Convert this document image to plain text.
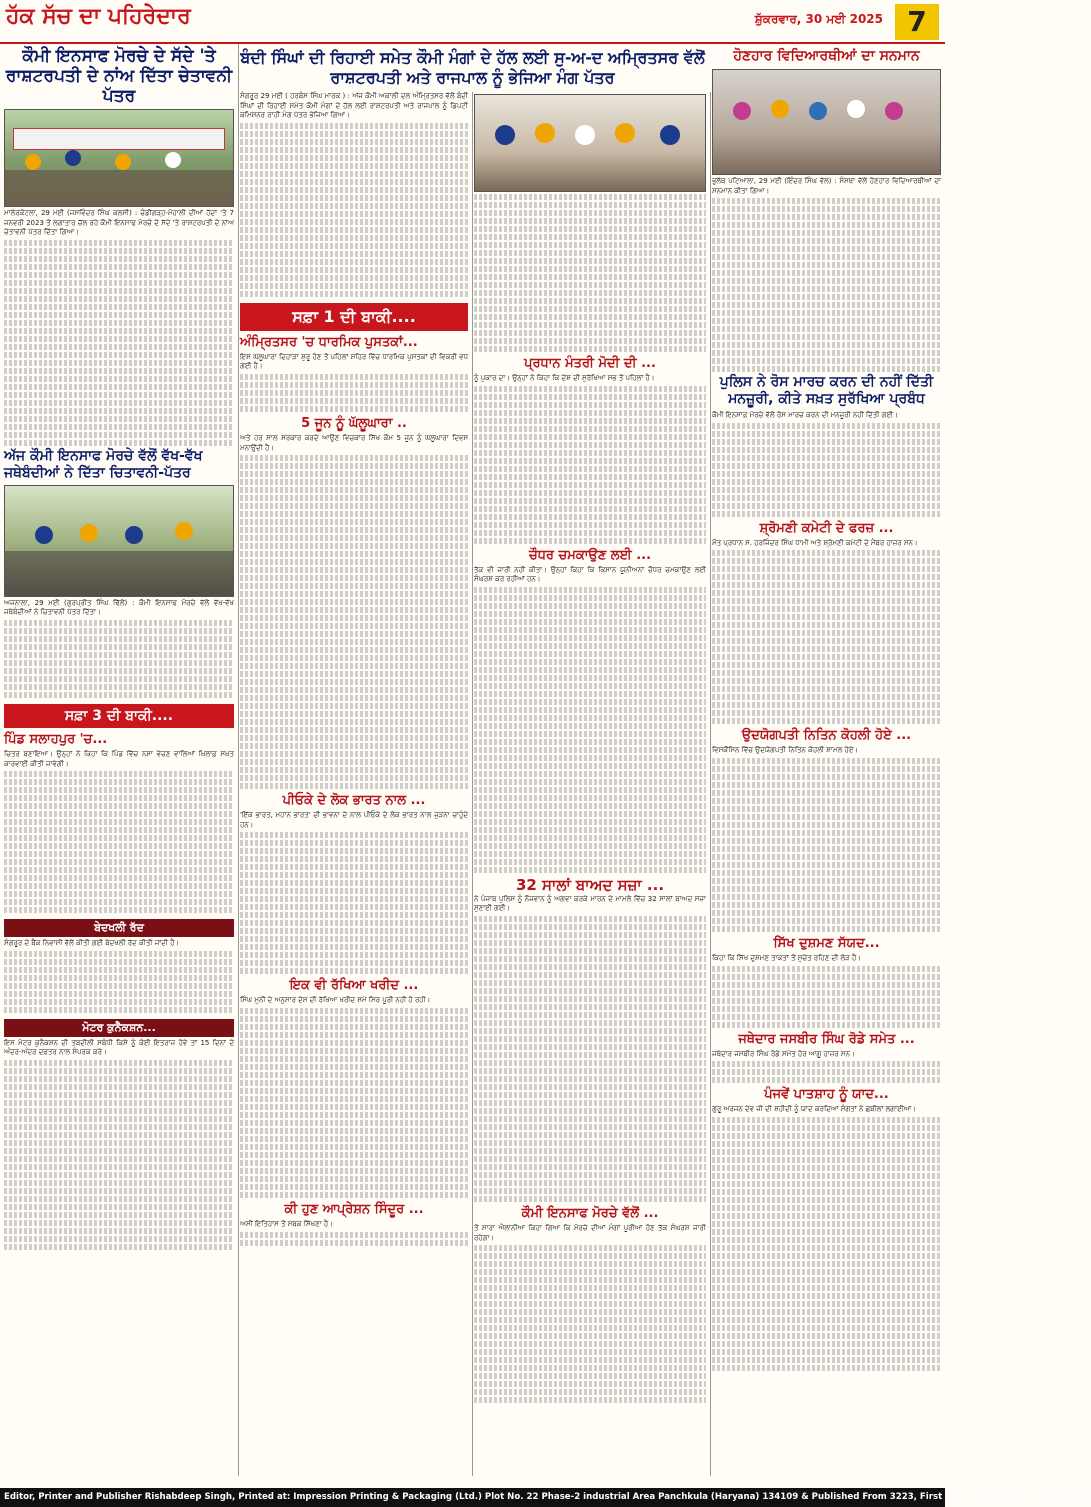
ਹੱਕ ਸੱਚ ਦਾ ਪਹਿਰੇਦਾਰ	ਸ਼ੁੱਕਰਵਾਰ, 30 ਮਈ 2025 7
ਕੌਮੀ ਇਨਸਾਫ ਮੋਰਚੇ ਦੇ ਸੱਦੇ 'ਤੇ ਰਾਸ਼ਟਰਪਤੀ ਦੇ ਨਾਂਅ ਦਿੱਤਾ ਚੇਤਾਵਨੀ ਪੱਤਰ

ਮਾਲੇਰਕੋਟਲਾ, 29 ਮਈ (ਜਸਵਿੰਦਰ ਸਿੰਘ ਕਲਸੀ) : ਚੰਡੀਗੜ੍ਹ-ਮੋਹਾਲੀ ਦੀਆਂ ਹੱਦਾਂ 'ਤੇ 7 ਜਨਵਰੀ 2023 ਤੋਂ ਲਗਾਤਾਰ ਚੱਲ ਰਹੇ ਕੌਮੀ ਇਨਸਾਫ ਮੋਰਚੇ ਦੇ ਸੱਦੇ 'ਤੇ ਰਾਸ਼ਟਰਪਤੀ ਦੇ ਨਾਂਅ ਚੇਤਾਵਨੀ ਪੱਤਰ ਦਿੱਤਾ ਗਿਆ।

ਅੱਜ ਕੌਮੀ ਇਨਸਾਫ ਮੋਰਚੇ ਵੱਲੋਂ ਵੱਖ-ਵੱਖ ਜਥੇਬੰਦੀਆਂ ਨੇ ਦਿੱਤਾ ਚਿਤਾਵਨੀ-ਪੱਤਰ

ਅਜਨਾਲਾ, 29 ਮਈ (ਗੁਰਪ੍ਰੀਤ ਸਿੰਘ ਢਿੱਲੋਂ) : ਕੌਮੀ ਇਨਸਾਫ ਮੋਰਚੇ ਵੱਲੋਂ ਵੱਖ-ਵੱਖ ਜਥੇਬੰਦੀਆਂ ਨੇ ਚਿਤਾਵਨੀ ਪੱਤਰ ਦਿੱਤਾ।

ਸਫ਼ਾ 3 ਦੀ ਬਾਕੀ....
ਪਿੰਡ ਸਲਾਹਪੁਰ 'ਚ...

ਚਿਤਰ ਬਣਾਇਆ। ਉਨ੍ਹਾਂ ਨੇ ਕਿਹਾ ਕਿ ਪਿੰਡ ਵਿੱਚ ਨਸ਼ਾ ਵੇਚਣ ਵਾਲਿਆਂ ਖ਼ਿਲਾਫ਼ ਸਖ਼ਤ ਕਾਰਵਾਈ ਕੀਤੀ ਜਾਵੇਗੀ।

ਬੇਦਖਲੀ ਰੱਦ

ਸੰਗਰੂਰ ਦੇ ਬੈਂਕ ਨਿਵਾਸੀ ਵੱਲੋਂ ਕੀਤੀ ਗਈ ਬੇਦਖਲੀ ਰੱਦ ਕੀਤੀ ਜਾਂਦੀ ਹੈ।

ਮੋਟਰ ਕੁਨੈਕਸ਼ਨ...

ਇਸ ਮੋਟਰ ਕੁਨੈਕਸ਼ਨ ਦੀ ਤਬਦੀਲੀ ਸਬੰਧੀ ਕਿਸੇ ਨੂੰ ਕੋਈ ਇਤਰਾਜ਼ ਹੋਵੇ ਤਾਂ 15 ਦਿਨਾਂ ਦੇ ਅੰਦਰ-ਅੰਦਰ ਦਫ਼ਤਰ ਨਾਲ ਸੰਪਰਕ ਕਰੇ।

ਬੰਦੀ ਸਿੰਘਾਂ ਦੀ ਰਿਹਾਈ ਸਮੇਤ ਕੌਮੀ ਮੰਗਾਂ ਦੇ ਹੱਲ ਲਈ ਸੁ-ਅ-ਦ ਅਮ੍ਰਿਤਸਰ ਵੱਲੋਂ ਰਾਸ਼ਟਰਪਤੀ ਅਤੇ ਰਾਜਪਾਲ ਨੂੰ ਭੇਜਿਆ ਮੰਗ ਪੱਤਰ

ਸੰਗਰੂਰ 29 ਮਈ ( ਹਰਬੰਸ ਸਿੰਘ ਮਾਰਕ ) : ਅੱਜ ਕੌਮੀ ਅਕਾਲੀ ਦਲ ਅੰਮ੍ਰਿਤਸਰ ਵੱਲੋਂ ਬੰਦੀ ਸਿੰਘਾਂ ਦੀ ਰਿਹਾਈ ਸਮੇਤ ਕੌਮੀ ਮੰਗਾਂ ਦੇ ਹੱਲ ਲਈ ਰਾਸ਼ਟਰਪਤੀ ਅਤੇ ਰਾਜਪਾਲ ਨੂੰ ਡਿਪਟੀ ਕਮਿਸ਼ਨਰ ਰਾਹੀਂ ਮੰਗ ਪੱਤਰ ਭੇਜਿਆ ਗਿਆ।

ਸਫ਼ਾ 1 ਦੀ ਬਾਕੀ....
ਅੰਮ੍ਰਿਤਸਰ 'ਚ ਧਾਰਮਿਕ ਪੁਸਤਕਾਂ...

ਇਸ ਘੱਲੂਘਾਰਾ ਦਿਹਾੜਾ ਸ਼ੁਰੂ ਹੋਣ ਤੋਂ ਪਹਿਲਾਂ ਸ਼ਹਿਰ ਵਿੱਚ ਧਾਰਮਿਕ ਪੁਸਤਕਾਂ ਦੀ ਵਿਕਰੀ ਵਧ ਗਈ ਹੈ।

5 ਜੂਨ ਨੂੰ ਘੱਲੂਘਾਰਾ ..

ਅਤੇ ਹਰ ਸਾਲ ਸਰਕਾਰ ਕਰਦੇ ਆਉਣ ਵਿਚਕਾਰ ਸਿੱਖ ਕੌਮ 5 ਜੂਨ ਨੂੰ ਘੱਲੂਘਾਰਾ ਦਿਵਸ ਮਨਾਉਂਦੀ ਹੈ।

ਪੀਓਕੇ ਦੇ ਲੋਕ ਭਾਰਤ ਨਾਲ ...

'ਇੱਕ ਭਾਰਤ, ਮਹਾਨ ਭਾਰਤ' ਦੀ ਭਾਵਨਾ ਦੇ ਨਾਲ ਪੀਓਕੇ ਦੇ ਲੋਕ ਭਾਰਤ ਨਾਲ ਜੁੜਨਾ ਚਾਹੁੰਦੇ ਹਨ।

ਇਕ ਵੀ ਰੱਖਿਆ ਖਰੀਦ ...

ਸਿੰਘ ਮੁਨੀ ਦੇ ਅਨੁਸਾਰ ਦੇਸ਼ ਦੀ ਰੱਖਿਆ ਖਰੀਦ ਸਮੇਂ ਸਿਰ ਪੂਰੀ ਨਹੀਂ ਹੋ ਰਹੀ।

ਕੀ ਹੁਣ ਆਪ੍ਰੇਸ਼ਨ ਸਿੰਦੂਰ ...

ਅਸੀਂ ਇਤਿਹਾਸ ਤੋਂ ਸਬਕ ਸਿੱਖਣਾ ਹੈ।

ਪ੍ਰਧਾਨ ਮੰਤਰੀ ਮੋਦੀ ਦੀ ...

ਨੂੰ ਪੁਕਾਰ ਦਾ। ਉਨ੍ਹਾਂ ਨੇ ਕਿਹਾ ਕਿ ਦੇਸ਼ ਦੀ ਸੁਰੱਖਿਆ ਸਭ ਤੋਂ ਪਹਿਲਾਂ ਹੈ।

ਚੌਧਰ ਚਮਕਾਉਣ ਲਈ ...

ਤੱਕ ਵੀ ਜਾਰੀ ਨਹੀਂ ਕੀਤਾ। ਉਨ੍ਹਾਂ ਕਿਹਾ ਕਿ ਕਿਸਾਨ ਯੂਨੀਅਨਾਂ ਚੌਧਰ ਚਮਕਾਉਣ ਲਈ ਸੰਘਰਸ਼ ਕਰ ਰਹੀਆਂ ਹਨ।

32 ਸਾਲਾਂ ਬਾਅਦ ਸਜ਼ਾ ...

ਨੇ ਪੰਜਾਬ ਪੁਲਿਸ ਨੂੰ ਨੌਜਵਾਨ ਨੂੰ ਅਗਵਾ ਕਰਕੇ ਮਾਰਨ ਦੇ ਮਾਮਲੇ ਵਿੱਚ 32 ਸਾਲਾਂ ਬਾਅਦ ਸਜ਼ਾ ਸੁਣਾਈ ਗਈ।

ਕੌਮੀ ਇਨਸਾਫ ਮੋਰਚੇ ਵੱਲੋਂ ...

ਤੋਂ ਸਾਰਾ ਐਲਾਨੀਆ ਕਿਹਾ ਗਿਆ ਕਿ ਮੋਰਚੇ ਦੀਆਂ ਮੰਗਾਂ ਪੂਰੀਆਂ ਹੋਣ ਤੱਕ ਸੰਘਰਸ਼ ਜਾਰੀ ਰਹੇਗਾ।

ਹੋਣਹਾਰ ਵਿਦਿਆਰਥੀਆਂ ਦਾ ਸਨਮਾਨ

ਭੁਲੱਥ ਪਟਿਆਲਾ, 29 ਮਈ (ਇੰਦਰ ਸਿੰਘ ਵੱਲ) : ਸੰਸਥਾ ਵੱਲੋਂ ਹੋਣਹਾਰ ਵਿਦਿਆਰਥੀਆਂ ਦਾ ਸਨਮਾਨ ਕੀਤਾ ਗਿਆ।

ਪੁਲਿਸ ਨੇ ਰੋਸ ਮਾਰਚ ਕਰਨ ਦੀ ਨਹੀਂ ਦਿੱਤੀ ਮਨਜ਼ੂਰੀ, ਕੀਤੇ ਸਖ਼ਤ ਸੁਰੱਖਿਆ ਪ੍ਰਬੰਧ

ਕੌਮੀ ਇਨਸਾਫ਼ ਮੋਰਚੇ ਵੱਲੋਂ ਰੋਸ ਮਾਰਚ ਕਰਨ ਦੀ ਮਨਜ਼ੂਰੀ ਨਹੀਂ ਦਿੱਤੀ ਗਈ।

ਸ਼੍ਰੋਮਣੀ ਕਮੇਟੀ ਦੇ ਫਰਜ਼ ...

ਮੌਤ ਪ੍ਰਧਾਨ ਸ. ਹਰਜਿੰਦਰ ਸਿੰਘ ਧਾਮੀ ਅਤੇ ਸ਼੍ਰੋਮਣੀ ਕਮੇਟੀ ਦੇ ਮੈਂਬਰ ਹਾਜ਼ਰ ਸਨ।

ਉਦਯੋਗਪਤੀ ਨਿਤਿਨ ਕੋਹਲੀ ਹੋਏ ...

ਵਿਸਕੌਂਸਿਨ ਵਿੱਚ ਉਦਯੋਗਪਤੀ ਨਿਤਿਨ ਕੋਹਲੀ ਸ਼ਾਮਲ ਹੋਏ।

ਸਿੱਖ ਦੁਸ਼ਮਣ ਸੱਯਦ...

ਕਿਹਾ ਕਿ ਸਿੱਖ ਦੁਸ਼ਮਣ ਤਾਕਤਾਂ ਤੋਂ ਸੁਚੇਤ ਰਹਿਣ ਦੀ ਲੋੜ ਹੈ।

ਜਥੇਦਾਰ ਜਸਬੀਰ ਸਿੰਘ ਰੋਡੇ ਸਮੇਤ ...

ਜਥੇਦਾਰ ਜਸਬੀਰ ਸਿੰਘ ਰੋਡੇ ਸਮੇਤ ਹੋਰ ਆਗੂ ਹਾਜ਼ਰ ਸਨ।

ਪੰਜਵੇਂ ਪਾਤਸ਼ਾਹ ਨੂੰ ਯਾਦ...

ਗੁਰੂ ਅਰਜਨ ਦੇਵ ਜੀ ਦੀ ਸ਼ਹੀਦੀ ਨੂੰ ਯਾਦ ਕਰਦਿਆਂ ਸੰਗਤਾਂ ਨੇ ਛਬੀਲਾਂ ਲਗਾਈਆਂ।

Editor, Printer and Publisher Rishabdeep Singh, Printed at: Impression Printing & Packaging (Ltd.) Plot No. 22 Phase-2 industrial Area Panchkula (Haryana) 134109 & Published From 3223, First Floor, Sector-35D, Chandigarh
